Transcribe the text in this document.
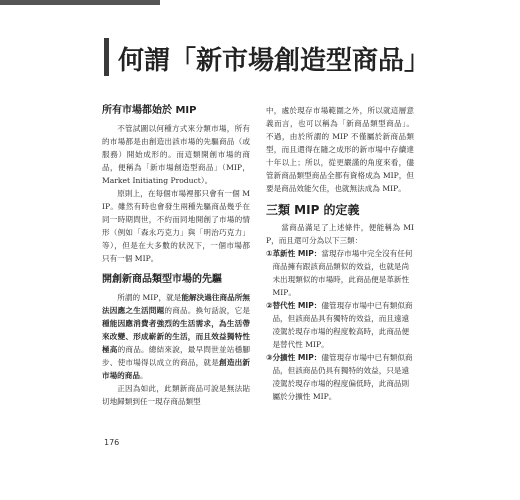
何謂「新市場創造型商品」
所有市場都始於 MIP

不管試圖以何種方式來分類市場，所有的市場都是由創造出該市場的先驅商品（或服務）開始成形的。而這類開創市場的商品，便稱為「新市場創造型商品」（MIP，Market Initiating Product）。

原則上，在每個市場裡都只會有一個 MIP。雖然有時也會發生兩種先驅商品幾乎在同一時期問世，不約而同地開創了市場的情形（例如「森永巧克力」與「明治巧克力」等），但是在大多數的狀況下，一個市場都只有一個 MIP。

開創新商品類型市場的先驅

所謂的 MIP，就是能解決過往商品所無法因應之生活問題的商品。換句話說，它是種能因應消費者強烈的生活需求，為生活帶來改變、形成嶄新的生活，而且效益獨特性極高的商品。總結來說，最早問世並站穩腳步、使市場得以成立的商品，就是創造出新市場的商品。

正因為如此，此類新商品可說是無法貼切地歸類到任一現存商品類型

中，處於現存市場範圍之外，所以就這層意義而言，也可以稱為「新商品類型商品」。不過，由於所謂的 MIP 不僅屬於新商品類型，而且還得在隨之成形的新市場中存續達十年以上；所以，從更嚴謹的角度來看，儘管新商品類型商品全都有資格成為 MIP，但要是商品效能欠佳，也就無法成為 MIP。

三類 MIP 的定義

當商品滿足了上述條件，便能稱為 MIP，而且還可分為以下三類：

① 革新性 MIP：當現存市場中完全沒有任何商品擁有跟該商品類似的效益，也就是尚未出現類似的市場時，此商品便是革新性 MIP。
② 替代性 MIP：儘管現存市場中已有類似商品，但該商品具有獨特的效益，而且遠遠凌駕於現存市場的程度較高時，此商品便是替代性 MIP。
③ 分擴性 MIP：儘管現存市場中已有類似商品，但該商品仍具有獨特的效益，只是遠凌駕於現存市場的程度偏低時，此商品則屬於分擴性 MIP。
176
